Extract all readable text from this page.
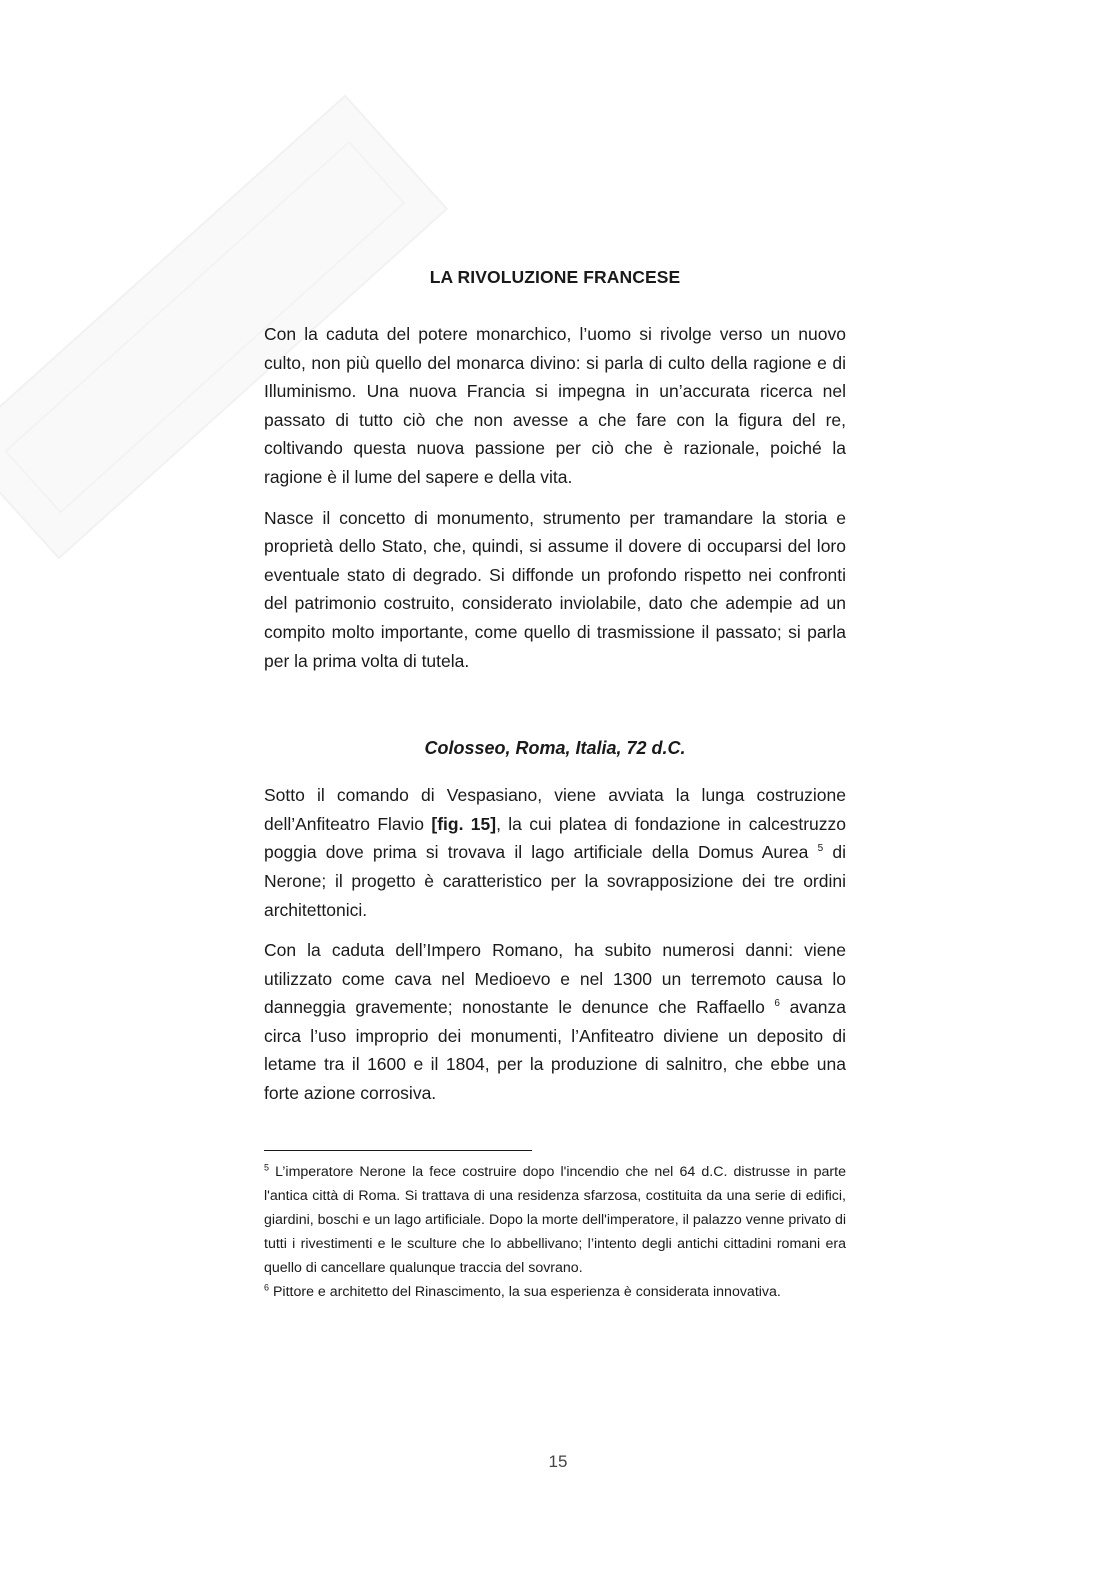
LA RIVOLUZIONE FRANCESE

Con la caduta del potere monarchico, l’uomo si rivolge verso un nuovo culto, non più quello del monarca divino: si parla di culto della ragione e di Illuminismo. Una nuova Francia si impegna in un’accurata ricerca nel passato di tutto ciò che non avesse a che fare con la figura del re, coltivando questa nuova passione per ciò che è razionale, poiché la ragione è il lume del sapere e della vita.

Nasce il concetto di monumento, strumento per tramandare la storia e proprietà dello Stato, che, quindi, si assume il dovere di occuparsi del loro eventuale stato di degrado. Si diffonde un profondo rispetto nei confronti del patrimonio costruito, considerato inviolabile, dato che adempie ad un compito molto importante, come quello di trasmissione il passato; si parla per la prima volta di tutela.

Colosseo, Roma, Italia, 72 d.C.

Sotto il comando di Vespasiano, viene avviata la lunga costruzione dell’Anfiteatro Flavio [fig. 15], la cui platea di fondazione in calcestruzzo poggia dove prima si trovava il lago artificiale della Domus Aurea $^5$ di Nerone; il progetto è caratteristico per la sovrapposizione dei tre ordini architettonici.

Con la caduta dell’Impero Romano, ha subito numerosi danni: viene utilizzato come cava nel Medioevo e nel 1300 un terremoto causa lo danneggia gravemente; nonostante le denunce che Raffaello $^6$ avanza circa l’uso improprio dei monumenti, l’Anfiteatro diviene un deposito di letame tra il 1600 e il 1804, per la produzione di salnitro, che ebbe una forte azione corrosiva.

$^5$ L’imperatore Nerone la fece costruire dopo l'incendio che nel 64 d.C. distrusse in parte l'antica città di Roma. Si trattava di una residenza sfarzosa, costituita da una serie di edifici, giardini, boschi e un lago artificiale. Dopo la morte dell'imperatore, il palazzo venne privato di tutti i rivestimenti e le sculture che lo abbellivano; l’intento degli antichi cittadini romani era quello di cancellare qualunque traccia del sovrano.

$^6$ Pittore e architetto del Rinascimento, la sua esperienza è considerata innovativa.

15
